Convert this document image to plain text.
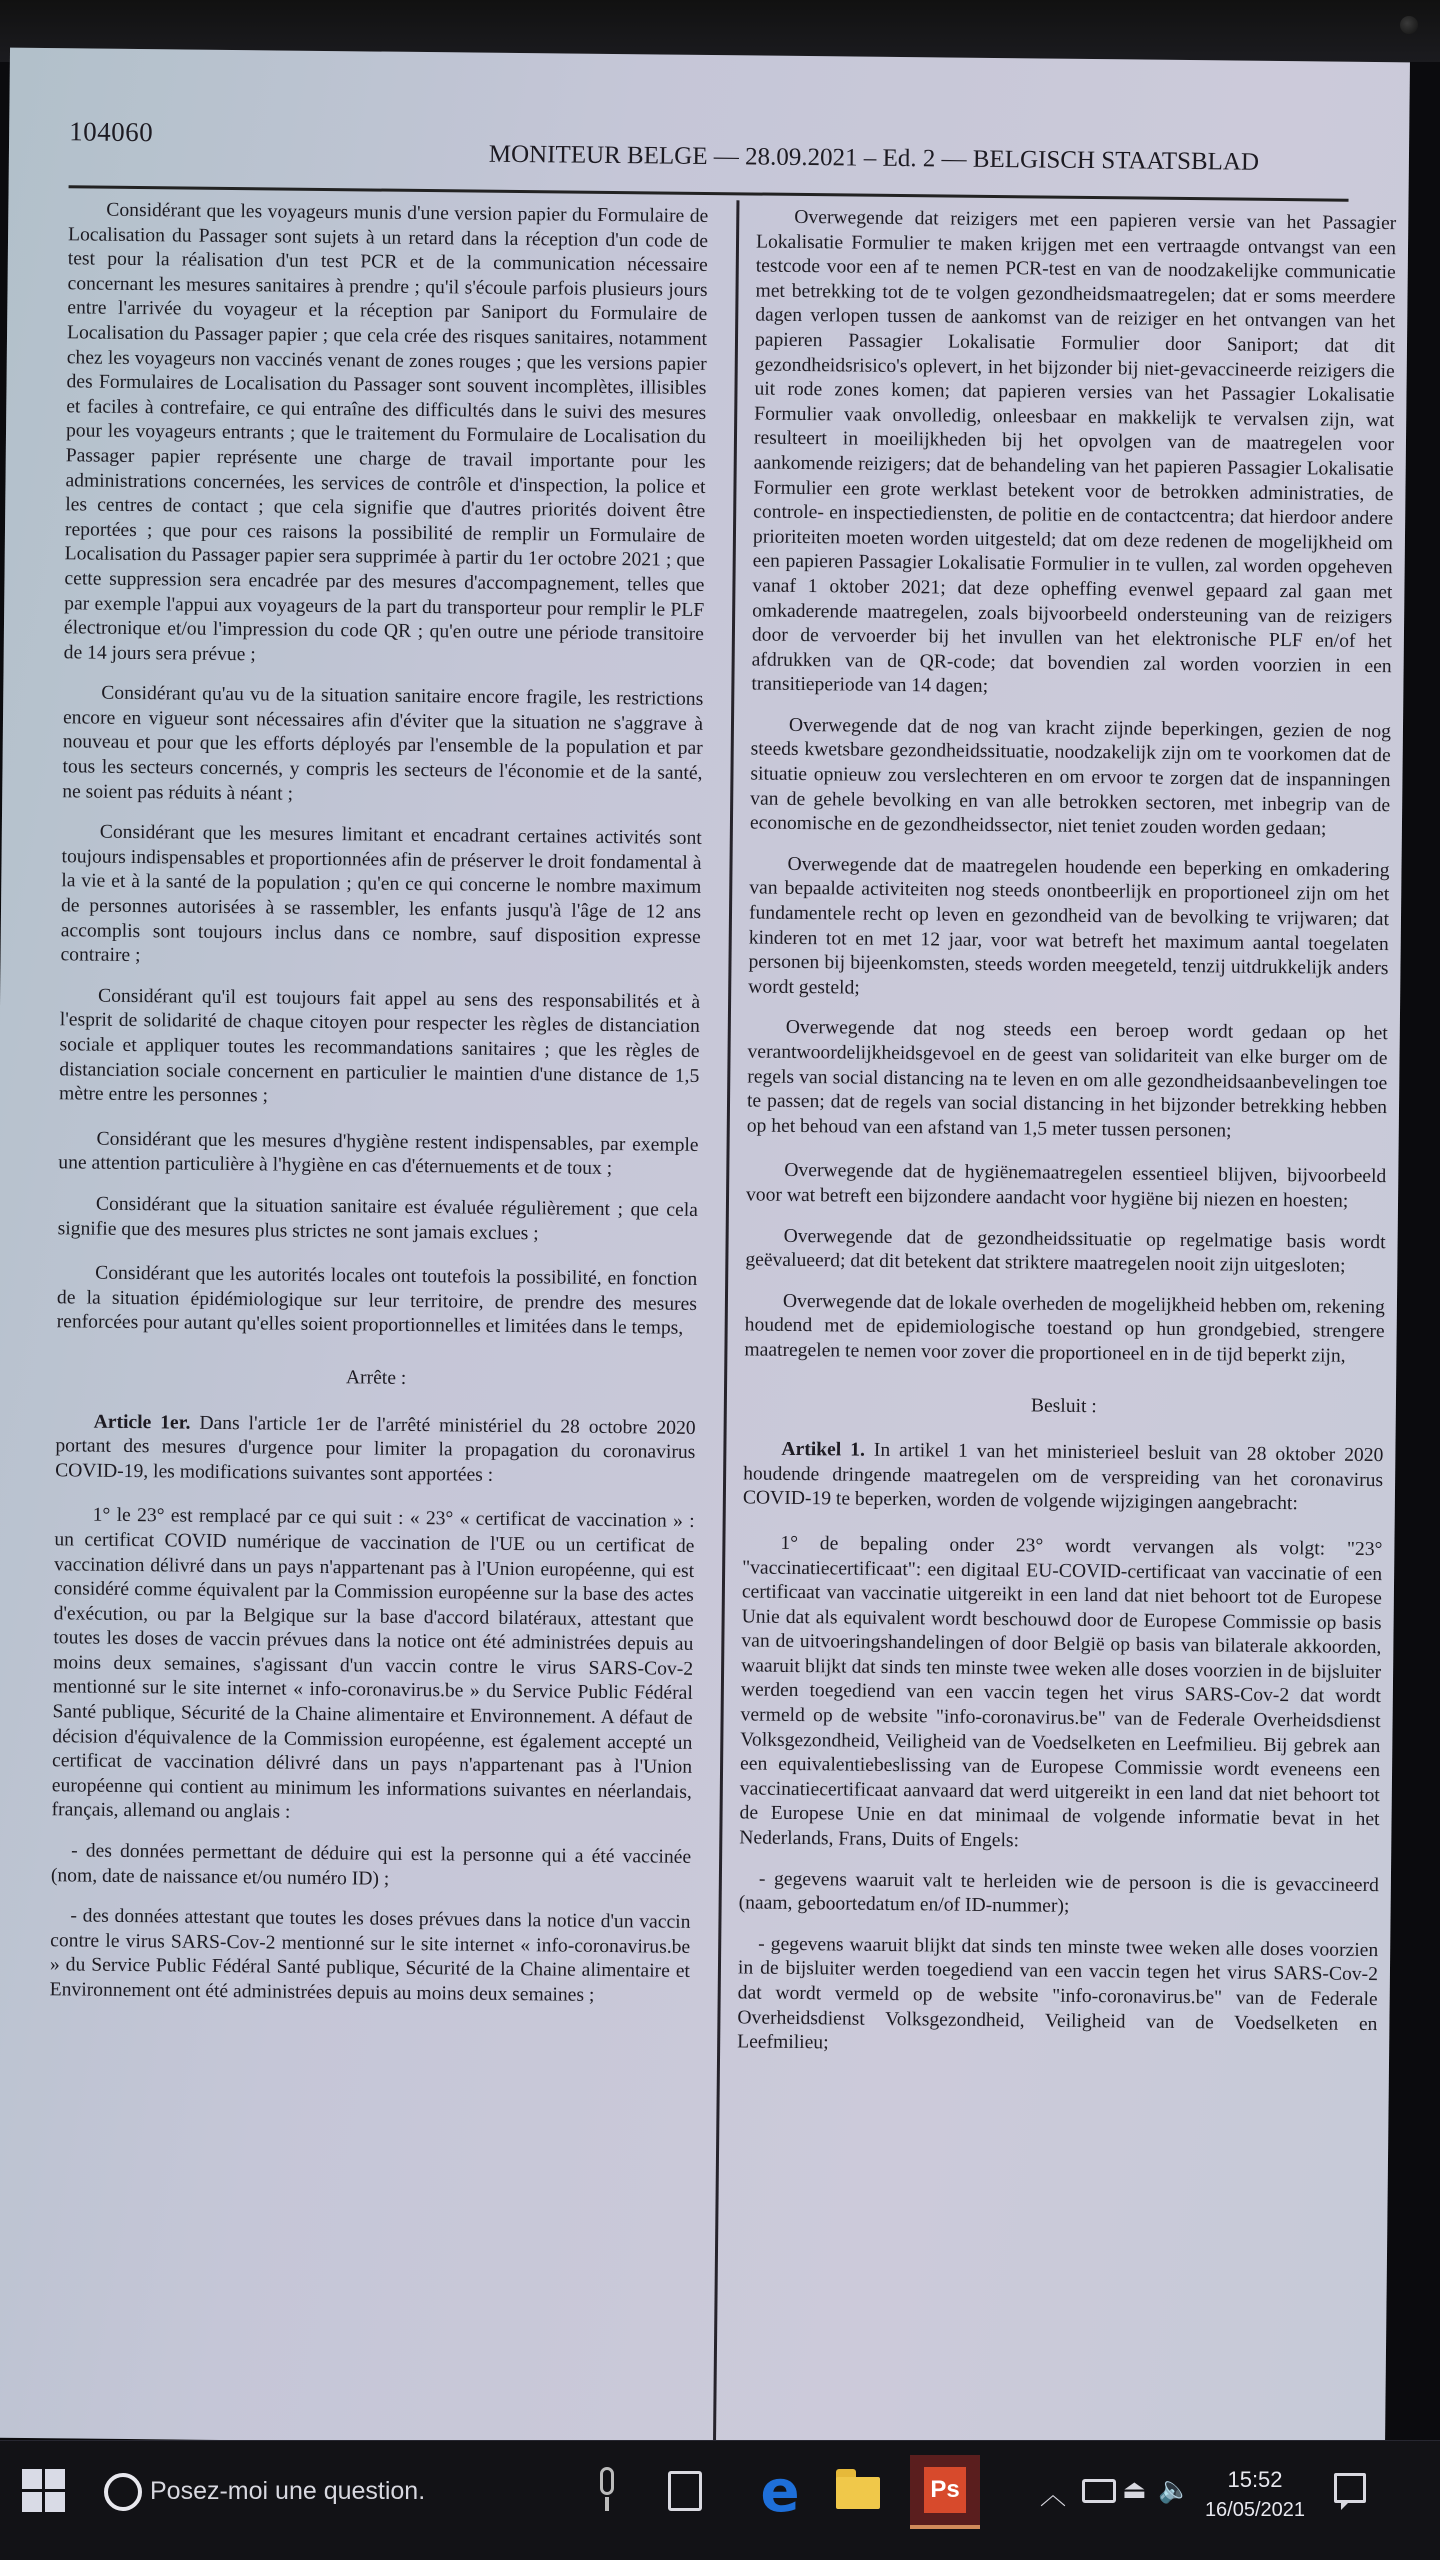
104060
MONITEUR BELGE — 28.09.2021 – Ed. 2 — BELGISCH STAATSBLAD

Considérant que les voyageurs munis d'une version papier du Formulaire de Localisation du Passager sont sujets à un retard dans la réception d'un code de test pour la réalisation d'un test PCR et de la communication nécessaire concernant les mesures sanitaires à prendre ; qu'il s'écoule parfois plusieurs jours entre l'arrivée du voyageur et la réception par Saniport du Formulaire de Localisation du Passager papier ; que cela crée des risques sanitaires, notamment chez les voyageurs non vaccinés venant de zones rouges ; que les versions papier des Formulaires de Localisation du Passager sont souvent incomplètes, illisibles et faciles à contrefaire, ce qui entraîne des difficultés dans le suivi des mesures pour les voyageurs entrants ; que le traitement du Formulaire de Localisation du Passager papier représente une charge de travail importante pour les administrations concernées, les services de contrôle et d'inspection, la police et les centres de contact ; que cela signifie que d'autres priorités doivent être reportées ; que pour ces raisons la possibilité de remplir un Formulaire de Localisation du Passager papier sera supprimée à partir du 1er octobre 2021 ; que cette suppression sera encadrée par des mesures d'accompagnement, telles que par exemple l'appui aux voyageurs de la part du transporteur pour remplir le PLF électronique et/ou l'impression du code QR ; qu'en outre une période transitoire de 14 jours sera prévue ;

Considérant qu'au vu de la situation sanitaire encore fragile, les restrictions encore en vigueur sont nécessaires afin d'éviter que la situation ne s'aggrave à nouveau et pour que les efforts déployés par l'ensemble de la population et par tous les secteurs concernés, y compris les secteurs de l'économie et de la santé, ne soient pas réduits à néant ;

Considérant que les mesures limitant et encadrant certaines activités sont toujours indispensables et proportionnées afin de préserver le droit fondamental à la vie et à la santé de la population ; qu'en ce qui concerne le nombre maximum de personnes autorisées à se rassembler, les enfants jusqu'à l'âge de 12 ans accomplis sont toujours inclus dans ce nombre, sauf disposition expresse contraire ;

Considérant qu'il est toujours fait appel au sens des responsabilités et à l'esprit de solidarité de chaque citoyen pour respecter les règles de distanciation sociale et appliquer toutes les recommandations sanitaires ; que les règles de distanciation sociale concernent en particulier le maintien d'une distance de 1,5 mètre entre les personnes ;

Considérant que les mesures d'hygiène restent indispensables, par exemple une attention particulière à l'hygiène en cas d'éternuements et de toux ;

Considérant que la situation sanitaire est évaluée régulièrement ; que cela signifie que des mesures plus strictes ne sont jamais exclues ;

Considérant que les autorités locales ont toutefois la possibilité, en fonction de la situation épidémiologique sur leur territoire, de prendre des mesures renforcées pour autant qu'elles soient proportionnelles et limitées dans le temps,

Arrête :

Article 1er. Dans l'article 1er de l'arrêté ministériel du 28 octobre 2020 portant des mesures d'urgence pour limiter la propagation du coronavirus COVID-19, les modifications suivantes sont apportées :

1° le 23° est remplacé par ce qui suit : « 23° « certificat de vaccination » : un certificat COVID numérique de vaccination de l'UE ou un certificat de vaccination délivré dans un pays n'appartenant pas à l'Union européenne, qui est considéré comme équivalent par la Commission européenne sur la base des actes d'exécution, ou par la Belgique sur la base d'accord bilatéraux, attestant que toutes les doses de vaccin prévues dans la notice ont été administrées depuis au moins deux semaines, s'agissant d'un vaccin contre le virus SARS-Cov-2 mentionné sur le site internet « info-coronavirus.be » du Service Public Fédéral Santé publique, Sécurité de la Chaine alimentaire et Environnement. A défaut de décision d'équivalence de la Commission européenne, est également accepté un certificat de vaccination délivré dans un pays n'appartenant pas à l'Union européenne qui contient au minimum les informations suivantes en néerlandais, français, allemand ou anglais :

- des données permettant de déduire qui est la personne qui a été vaccinée (nom, date de naissance et/ou numéro ID) ;

- des données attestant que toutes les doses prévues dans la notice d'un vaccin contre le virus SARS-Cov-2 mentionné sur le site internet « info-coronavirus.be » du Service Public Fédéral Santé publique, Sécurité de la Chaine alimentaire et Environnement ont été administrées depuis au moins deux semaines ;

Overwegende dat reizigers met een papieren versie van het Passagier Lokalisatie Formulier te maken krijgen met een vertraagde ontvangst van een testcode voor een af te nemen PCR-test en van de noodzakelijke communicatie met betrekking tot de te volgen gezondheidsmaatregelen; dat er soms meerdere dagen verlopen tussen de aankomst van de reiziger en het ontvangen van het papieren Passagier Lokalisatie Formulier door Saniport; dat dit gezondheidsrisico's oplevert, in het bijzonder bij niet-gevaccineerde reizigers die uit rode zones komen; dat papieren versies van het Passagier Lokalisatie Formulier vaak onvolledig, onleesbaar en makkelijk te vervalsen zijn, wat resulteert in moeilijkheden bij het opvolgen van de maatregelen voor aankomende reizigers; dat de behandeling van het papieren Passagier Lokalisatie Formulier een grote werklast betekent voor de betrokken administraties, de controle- en inspectiediensten, de politie en de contactcentra; dat hierdoor andere prioriteiten moeten worden uitgesteld; dat om deze redenen de mogelijkheid om een papieren Passagier Lokalisatie Formulier in te vullen, zal worden opgeheven vanaf 1 oktober 2021; dat deze opheffing evenwel gepaard zal gaan met omkaderende maatregelen, zoals bijvoorbeeld ondersteuning van de reizigers door de vervoerder bij het invullen van het elektronische PLF en/of het afdrukken van de QR-code; dat bovendien zal worden voorzien in een transitieperiode van 14 dagen;

Overwegende dat de nog van kracht zijnde beperkingen, gezien de nog steeds kwetsbare gezondheidssituatie, noodzakelijk zijn om te voorkomen dat de situatie opnieuw zou verslechteren en om ervoor te zorgen dat de inspanningen van de gehele bevolking en van alle betrokken sectoren, met inbegrip van de economische en de gezondheidssector, niet teniet zouden worden gedaan;

Overwegende dat de maatregelen houdende een beperking en omkadering van bepaalde activiteiten nog steeds onontbeerlijk en proportioneel zijn om het fundamentele recht op leven en gezondheid van de bevolking te vrijwaren; dat kinderen tot en met 12 jaar, voor wat betreft het maximum aantal toegelaten personen bij bijeenkomsten, steeds worden meegeteld, tenzij uitdrukkelijk anders wordt gesteld;

Overwegende dat nog steeds een beroep wordt gedaan op het verantwoordelijkheidsgevoel en de geest van solidariteit van elke burger om de regels van social distancing na te leven en om alle gezondheidsaanbevelingen toe te passen; dat de regels van social distancing in het bijzonder betrekking hebben op het behoud van een afstand van 1,5 meter tussen personen;

Overwegende dat de hygiënemaatregelen essentieel blijven, bijvoorbeeld voor wat betreft een bijzondere aandacht voor hygiëne bij niezen en hoesten;

Overwegende dat de gezondheidssituatie op regelmatige basis wordt geëvalueerd; dat dit betekent dat striktere maatregelen nooit zijn uitgesloten;

Overwegende dat de lokale overheden de mogelijkheid hebben om, rekening houdend met de epidemiologische toestand op hun grondgebied, strengere maatregelen te nemen voor zover die proportioneel en in de tijd beperkt zijn,

Besluit :

Artikel 1. In artikel 1 van het ministerieel besluit van 28 oktober 2020 houdende dringende maatregelen om de verspreiding van het coronavirus COVID-19 te beperken, worden de volgende wijzigingen aangebracht:

1° de bepaling onder 23° wordt vervangen als volgt: "23° "vaccinatiecertificaat": een digitaal EU-COVID-certificaat van vaccinatie of een certificaat van vaccinatie uitgereikt in een land dat niet behoort tot de Europese Unie dat als equivalent wordt beschouwd door de Europese Commissie op basis van de uitvoeringshandelingen of door België op basis van bilaterale akkoorden, waaruit blijkt dat sinds ten minste twee weken alle doses voorzien in de bijsluiter werden toegediend van een vaccin tegen het virus SARS-Cov-2 dat wordt vermeld op de website "info-coronavirus.be" van de Federale Overheidsdienst Volksgezondheid, Veiligheid van de Voedselketen en Leefmilieu. Bij gebrek aan een equivalentiebeslissing van de Europese Commissie wordt eveneens een vaccinatiecertificaat aanvaard dat werd uitgereikt in een land dat niet behoort tot de Europese Unie en dat minimaal de volgende informatie bevat in het Nederlands, Frans, Duits of Engels:

- gegevens waaruit valt te herleiden wie de persoon is die is gevaccineerd (naam, geboortedatum en/of ID-nummer);

- gegevens waaruit blijkt dat sinds ten minste twee weken alle doses voorzien in de bijsluiter werden toegediend van een vaccin tegen het virus SARS-Cov-2 dat wordt vermeld op de website "info-coronavirus.be" van de Federale Overheidsdienst Volksgezondheid, Veiligheid van de Voedselketen en Leefmilieu;

Posez-moi une question.	e	Ps	︿ ⏏ 🔈	15:52
16/05/2021
